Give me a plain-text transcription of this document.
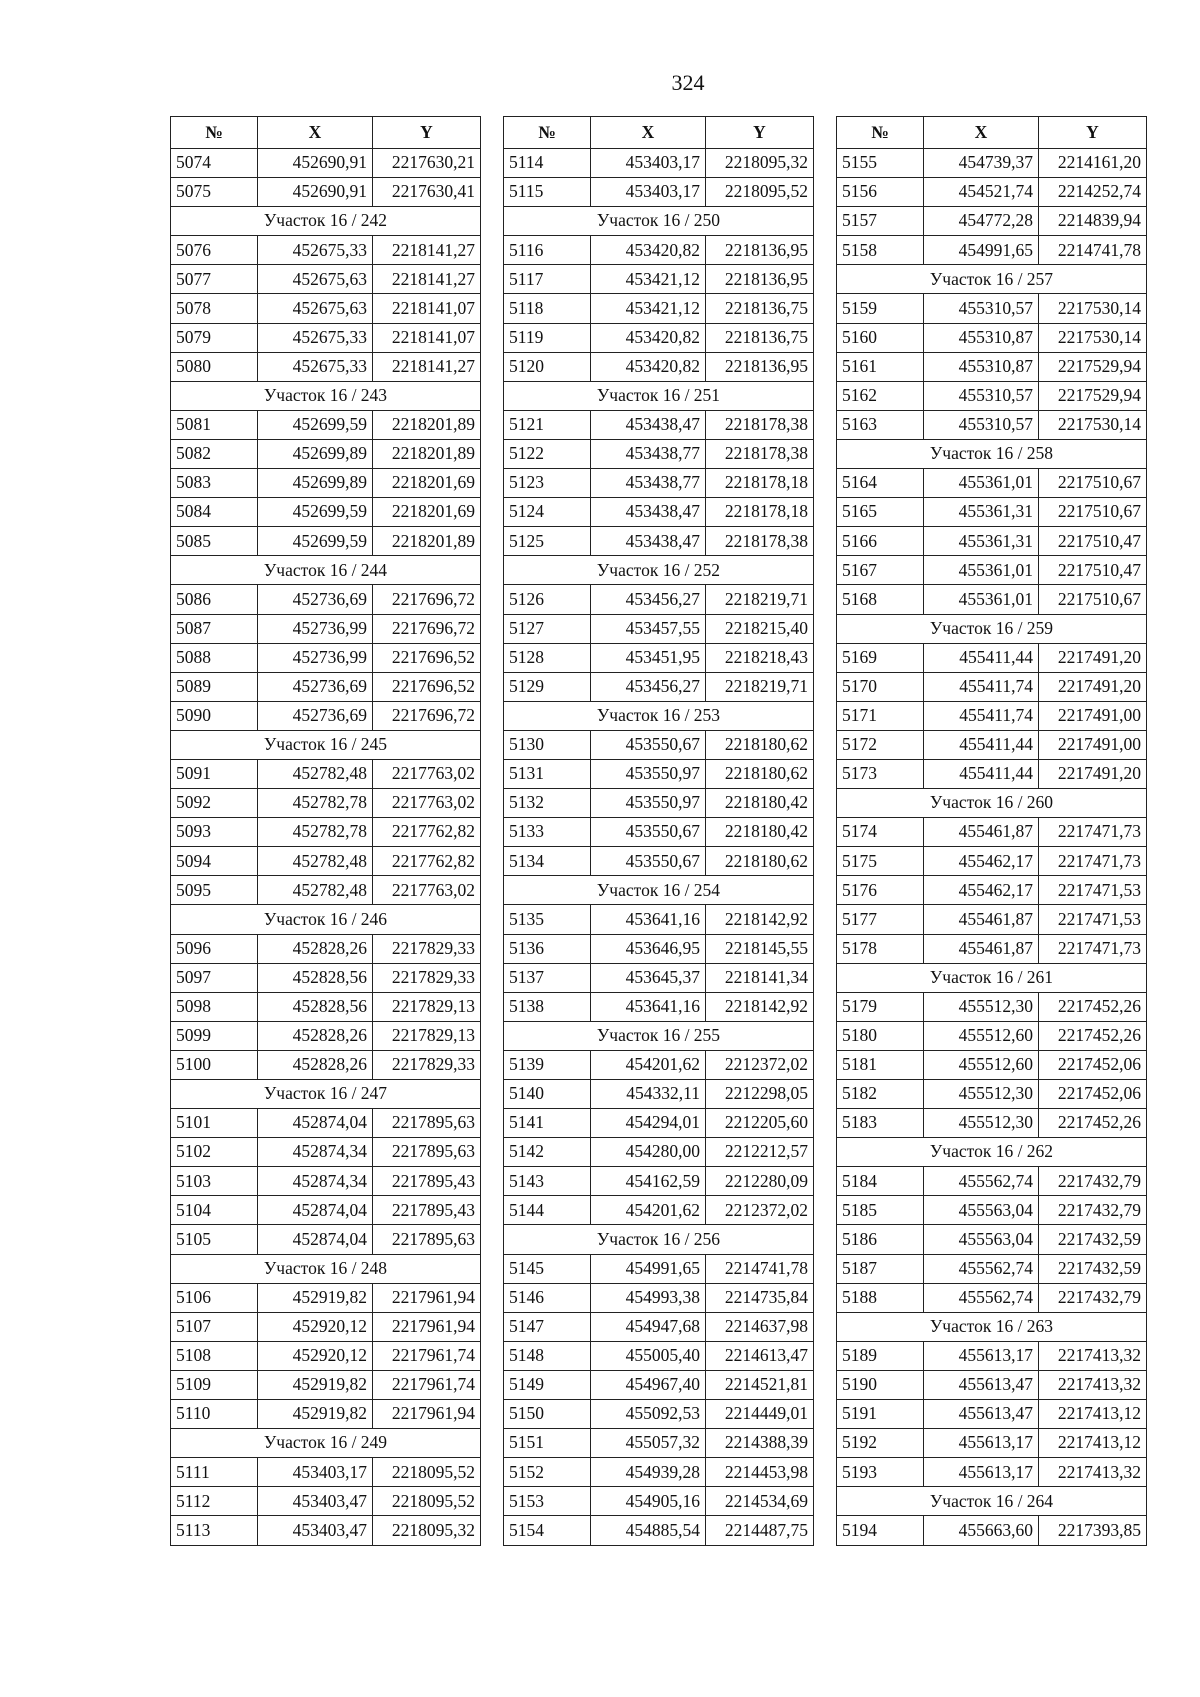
324
№	X	Y
5074	452690,91	2217630,21
5075	452690,91	2217630,41
Участок 16 / 242		
5076	452675,33	2218141,27
5077	452675,63	2218141,27
5078	452675,63	2218141,07
5079	452675,33	2218141,07
5080	452675,33	2218141,27
Участок 16 / 243		
5081	452699,59	2218201,89
5082	452699,89	2218201,89
5083	452699,89	2218201,69
5084	452699,59	2218201,69
5085	452699,59	2218201,89
Участок 16 / 244		
5086	452736,69	2217696,72
5087	452736,99	2217696,72
5088	452736,99	2217696,52
5089	452736,69	2217696,52
5090	452736,69	2217696,72
Участок 16 / 245		
5091	452782,48	2217763,02
5092	452782,78	2217763,02
5093	452782,78	2217762,82
5094	452782,48	2217762,82
5095	452782,48	2217763,02
Участок 16 / 246		
5096	452828,26	2217829,33
5097	452828,56	2217829,33
5098	452828,56	2217829,13
5099	452828,26	2217829,13
5100	452828,26	2217829,33
Участок 16 / 247		
5101	452874,04	2217895,63
5102	452874,34	2217895,63
5103	452874,34	2217895,43
5104	452874,04	2217895,43
5105	452874,04	2217895,63
Участок 16 / 248		
5106	452919,82	2217961,94
5107	452920,12	2217961,94
5108	452920,12	2217961,74
5109	452919,82	2217961,74
5110	452919,82	2217961,94
Участок 16 / 249		
5111	453403,17	2218095,52
5112	453403,47	2218095,52
5113	453403,47	2218095,32
№	X	Y
5114	453403,17	2218095,32
5115	453403,17	2218095,52
Участок 16 / 250		
5116	453420,82	2218136,95
5117	453421,12	2218136,95
5118	453421,12	2218136,75
5119	453420,82	2218136,75
5120	453420,82	2218136,95
Участок 16 / 251		
5121	453438,47	2218178,38
5122	453438,77	2218178,38
5123	453438,77	2218178,18
5124	453438,47	2218178,18
5125	453438,47	2218178,38
Участок 16 / 252		
5126	453456,27	2218219,71
5127	453457,55	2218215,40
5128	453451,95	2218218,43
5129	453456,27	2218219,71
Участок 16 / 253		
5130	453550,67	2218180,62
5131	453550,97	2218180,62
5132	453550,97	2218180,42
5133	453550,67	2218180,42
5134	453550,67	2218180,62
Участок 16 / 254		
5135	453641,16	2218142,92
5136	453646,95	2218145,55
5137	453645,37	2218141,34
5138	453641,16	2218142,92
Участок 16 / 255		
5139	454201,62	2212372,02
5140	454332,11	2212298,05
5141	454294,01	2212205,60
5142	454280,00	2212212,57
5143	454162,59	2212280,09
5144	454201,62	2212372,02
Участок 16 / 256		
5145	454991,65	2214741,78
5146	454993,38	2214735,84
5147	454947,68	2214637,98
5148	455005,40	2214613,47
5149	454967,40	2214521,81
5150	455092,53	2214449,01
5151	455057,32	2214388,39
5152	454939,28	2214453,98
5153	454905,16	2214534,69
5154	454885,54	2214487,75
№	X	Y
5155	454739,37	2214161,20
5156	454521,74	2214252,74
5157	454772,28	2214839,94
5158	454991,65	2214741,78
Участок 16 / 257		
5159	455310,57	2217530,14
5160	455310,87	2217530,14
5161	455310,87	2217529,94
5162	455310,57	2217529,94
5163	455310,57	2217530,14
Участок 16 / 258		
5164	455361,01	2217510,67
5165	455361,31	2217510,67
5166	455361,31	2217510,47
5167	455361,01	2217510,47
5168	455361,01	2217510,67
Участок 16 / 259		
5169	455411,44	2217491,20
5170	455411,74	2217491,20
5171	455411,74	2217491,00
5172	455411,44	2217491,00
5173	455411,44	2217491,20
Участок 16 / 260		
5174	455461,87	2217471,73
5175	455462,17	2217471,73
5176	455462,17	2217471,53
5177	455461,87	2217471,53
5178	455461,87	2217471,73
Участок 16 / 261		
5179	455512,30	2217452,26
5180	455512,60	2217452,26
5181	455512,60	2217452,06
5182	455512,30	2217452,06
5183	455512,30	2217452,26
Участок 16 / 262		
5184	455562,74	2217432,79
5185	455563,04	2217432,79
5186	455563,04	2217432,59
5187	455562,74	2217432,59
5188	455562,74	2217432,79
Участок 16 / 263		
5189	455613,17	2217413,32
5190	455613,47	2217413,32
5191	455613,47	2217413,12
5192	455613,17	2217413,12
5193	455613,17	2217413,32
Участок 16 / 264		
5194	455663,60	2217393,85
